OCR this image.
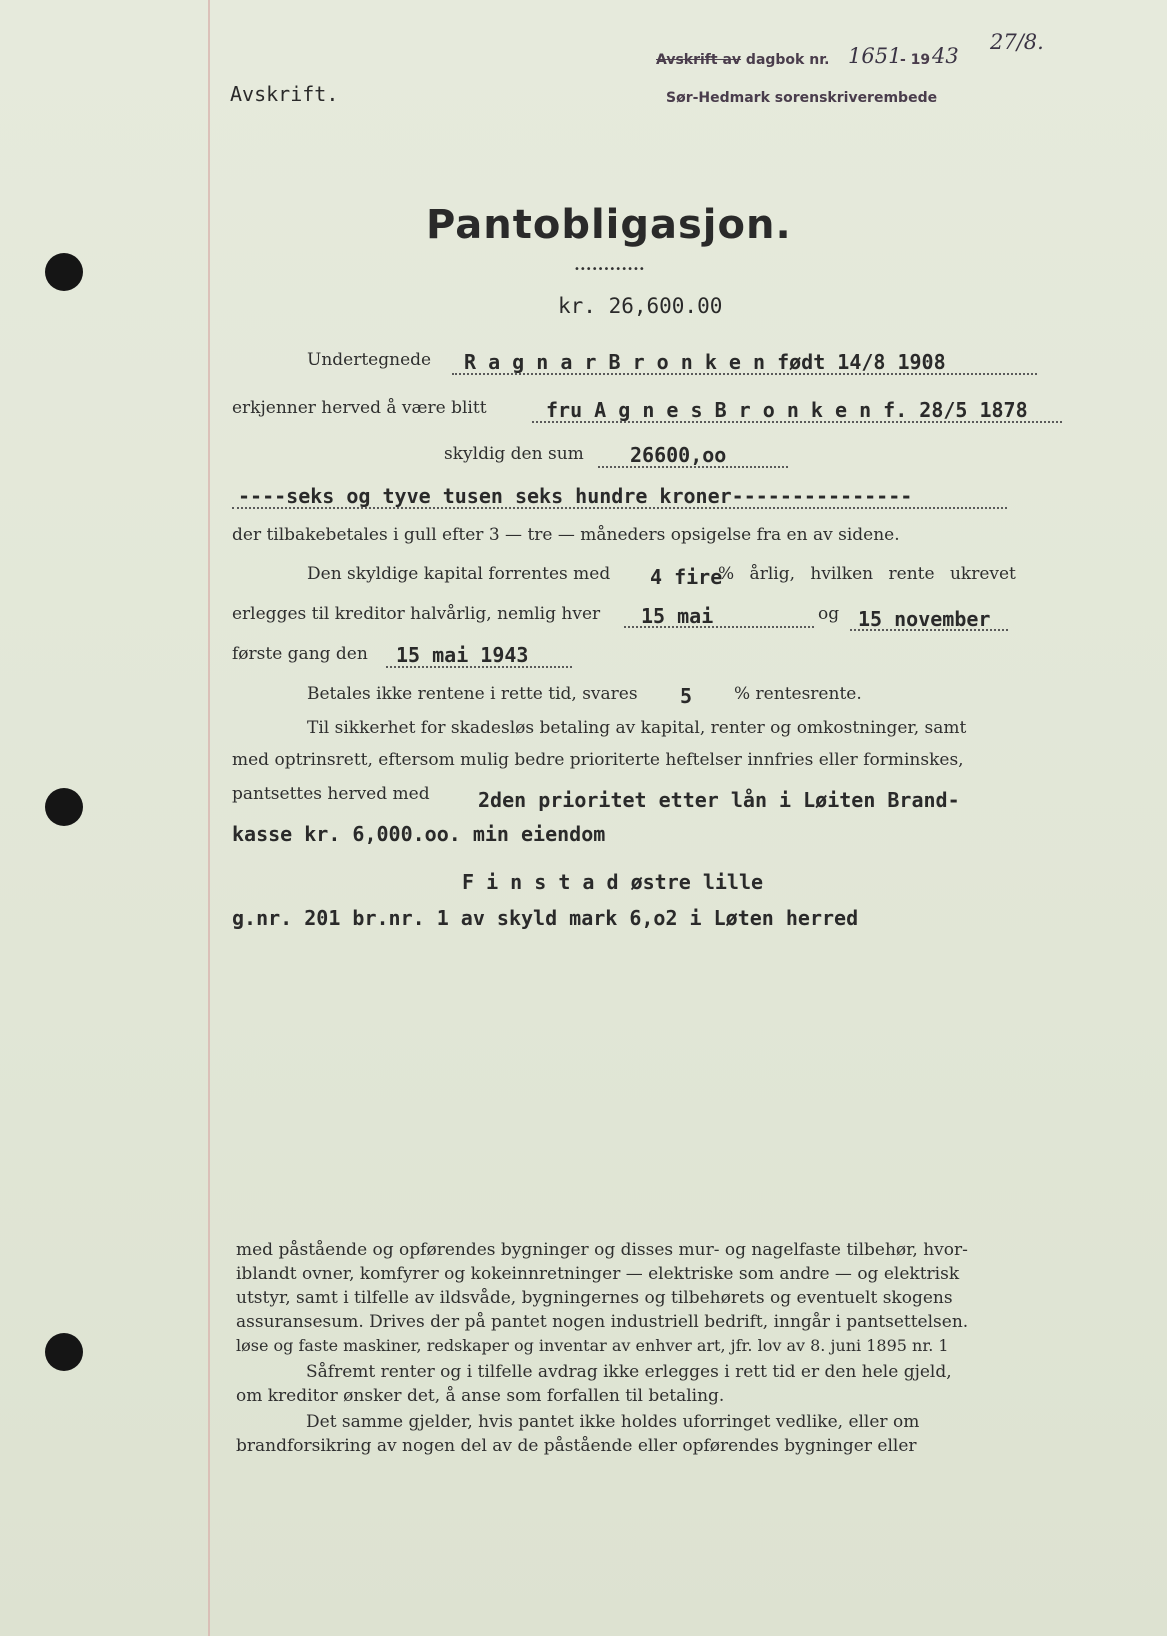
Avskrift.
Avskrift av dagbok nr. 1651
- 19 43
27/8.
Sør-Hedmark sorenskriverembede
Pantobligasjon.
••••••••••••
kr. 26,600.00
Undertegnede R a g n a r B r o n k e n født 14/8 1908
erkjenner herved å være blitt	fru A g n e s B r o n k e n f. 28/5 1878
skyldig den sum 26600,oo
----seks og tyve tusen seks hundre kroner---------------
der tilbakebetales i gull efter 3 — tre — måneders opsigelse fra en av sidene.
Den skyldige kapital forrentes med 4 fire
% årlig, hvilken rente ukrevet
erlegges til kreditor halvårlig, nemlig hver 15 mai	og 15 november
første gang den 15 mai 1943
Betales ikke rentene i rette tid, svares 5 % rentesrente.
Til sikkerhet for skadesløs betaling av kapital, renter og omkostninger, samt
med optrinsrett, eftersom mulig bedre prioriterte heftelser innfries eller forminskes,
pantsettes herved med 2den prioritet etter lån i Løiten Brand-
kasse kr. 6,000.oo. min eiendom
F i n s t a d østre lille
g.nr. 201 br.nr. 1 av skyld mark 6,o2 i Løten herred
med påstående og opførendes bygninger og disses mur- og nagelfaste tilbehør, hvor-
iblandt ovner, komfyrer og kokeinnretninger — elektriske som andre — og elektrisk
utstyr, samt i tilfelle av ildsvåde, bygningernes og tilbehørets og eventuelt skogens
assuransesum. Drives der på pantet nogen industriell bedrift, inngår i pantsettelsen.
løse og faste maskiner, redskaper og inventar av enhver art, jfr. lov av 8. juni 1895 nr. 1
Såfremt renter og i tilfelle avdrag ikke erlegges i rett tid er den hele gjeld,
om kreditor ønsker det, å anse som forfallen til betaling.
Det samme gjelder, hvis pantet ikke holdes uforringet vedlike, eller om
brandforsikring av nogen del av de påstående eller opførendes bygninger eller
